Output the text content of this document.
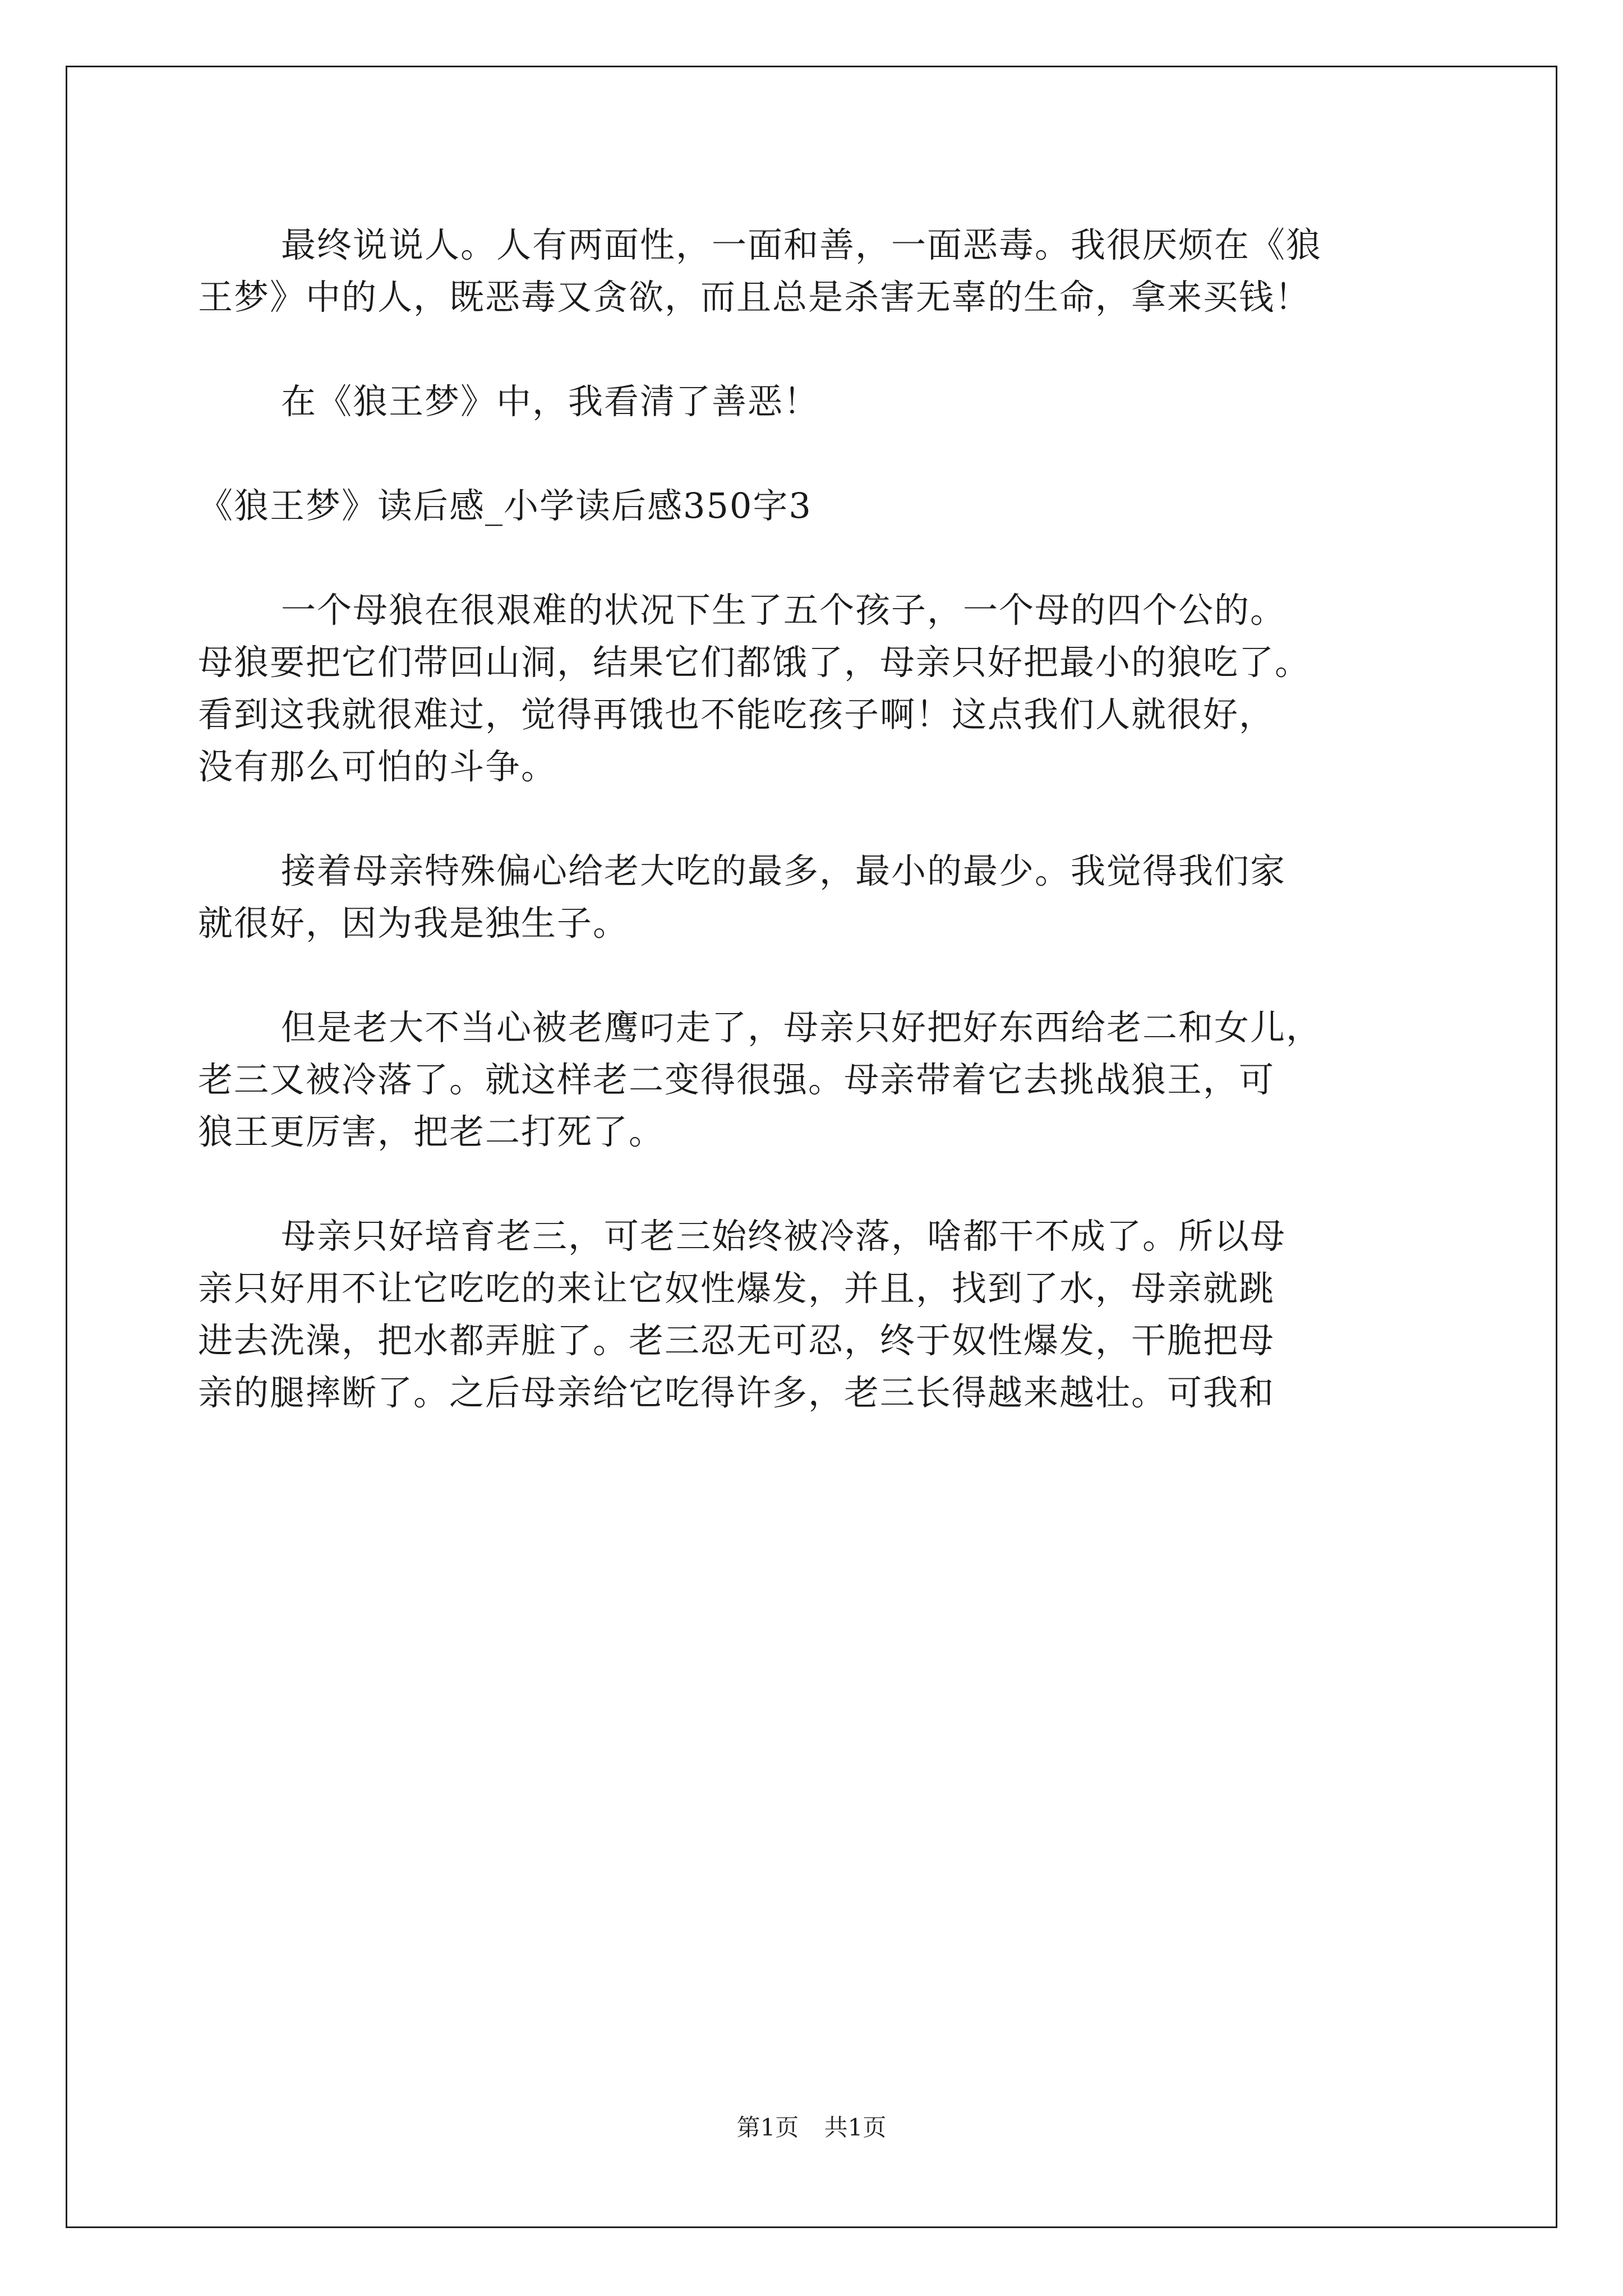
最终说说人。人有两面性，一面和善，一面恶毒。我很厌烦在《狼

王梦》中的人，既恶毒又贪欲，而且总是杀害无辜的生命，拿来买钱！

在《狼王梦》中，我看清了善恶！

《狼王梦》读后感_小学读后感350字3

一个母狼在很艰难的状况下生了五个孩子，一个母的四个公的。

母狼要把它们带回山洞，结果它们都饿了，母亲只好把最小的狼吃了。

看到这我就很难过，觉得再饿也不能吃孩子啊！这点我们人就很好，

没有那么可怕的斗争。

接着母亲特殊偏心给老大吃的最多，最小的最少。我觉得我们家

就很好，因为我是独生子。

但是老大不当心被老鹰叼走了，母亲只好把好东西给老二和女儿，

老三又被冷落了。就这样老二变得很强。母亲带着它去挑战狼王，可

狼王更厉害，把老二打死了。

母亲只好培育老三，可老三始终被冷落，啥都干不成了。所以母

亲只好用不让它吃吃的来让它奴性爆发，并且，找到了水，母亲就跳

进去洗澡，把水都弄脏了。老三忍无可忍，终于奴性爆发，干脆把母

亲的腿摔断了。之后母亲给它吃得许多，老三长得越来越壮。可我和

第1页 共1页
